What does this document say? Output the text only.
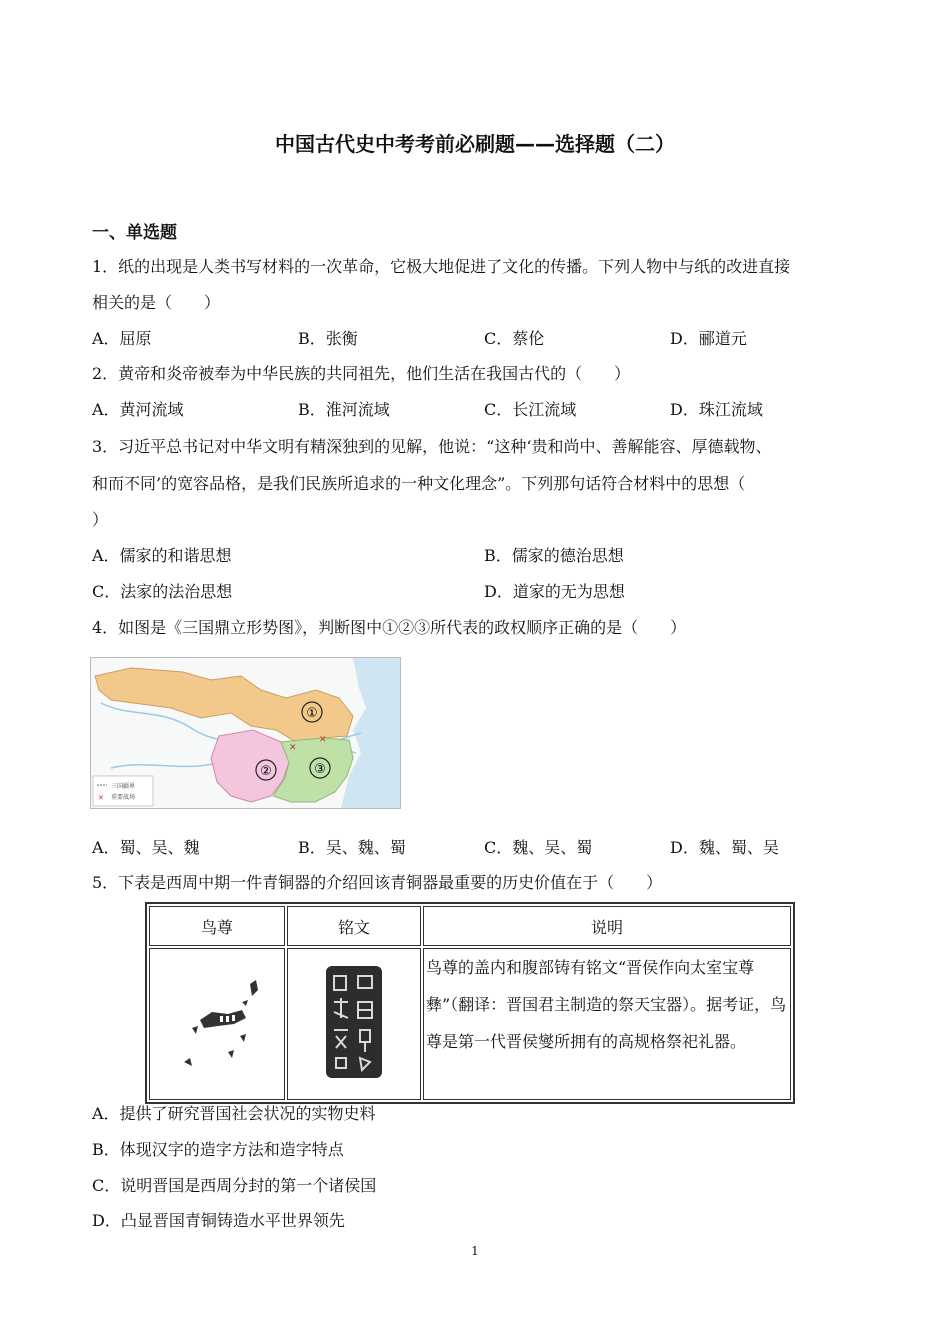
中国古代史中考考前必刷题——选择题（二）
一、单选题
1．纸的出现是人类书写材料的一次革命，它极大地促进了文化的传播。下列人物中与纸的改进直接
相关的是（　　）
A．屈原	B．张衡	C．蔡伦	D．郦道元
2．黄帝和炎帝被奉为中华民族的共同祖先，他们生活在我国古代的（　　）
A．黄河流域	B．淮河流域	C．长江流域	D．珠江流域
3．习近平总书记对中华文明有精深独到的见解，他说：“这种‘贵和尚中、善解能容、厚德载物、
和而不同’的宽容品格，是我们民族所追求的一种文化理念”。下列那句话符合材料中的思想（
）
A．儒家的和谐思想	B．儒家的德治思想
C．法家的法治思想	D．道家的无为思想
4．如图是《三国鼎立形势图》，判断图中①②③所代表的政权顺序正确的是（　　）
✕
✕
①
②	③
三国疆界
✕ 重要战场
A．蜀、吴、魏	B．吴、魏、蜀	C．魏、吴、蜀	D．魏、蜀、吴
5．下表是西周中期一件青铜器的介绍回该青铜器最重要的历史价值在于（　　）
鸟尊	铭文	说明
		鸟尊的盖内和腹部铸有铭文“晋侯作向太室宝尊彝”（翻译：晋国君主制造的祭天宝器）。据考证，鸟尊是第一代晋侯燮所拥有的高规格祭祀礼器。
A．提供了研究晋国社会状况的实物史料
B．体现汉字的造字方法和造字特点
C．说明晋国是西周分封的第一个诸侯国
D．凸显晋国青铜铸造水平世界领先
1
